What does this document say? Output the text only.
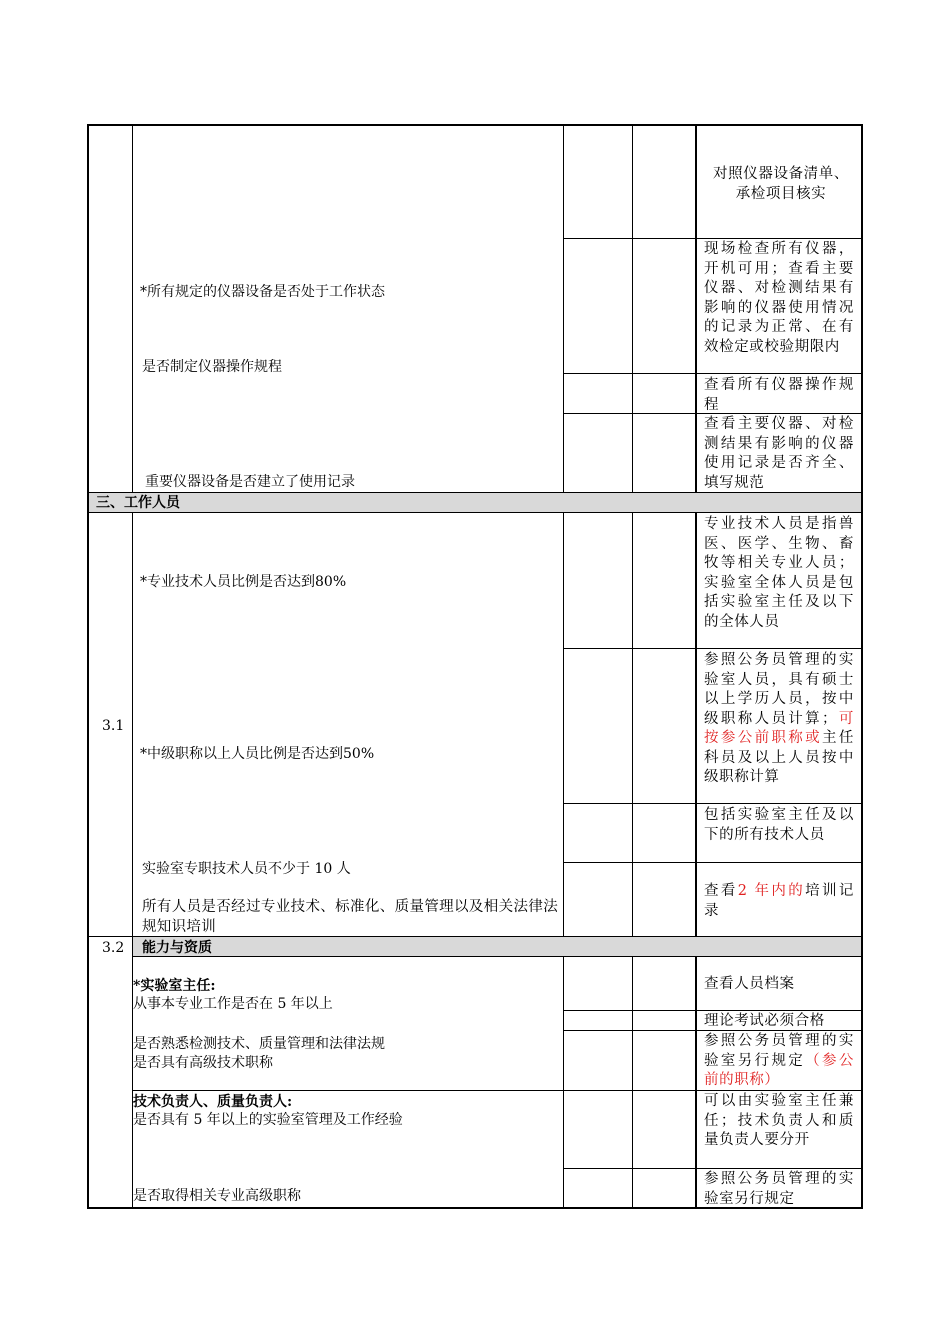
对照仪器设备清单、承检项目核实
*所有规定的仪器设备是否处于工作状态
现场检查所有仪器，开机可用；查看主要仪器、对检测结果有影响的仪器使用情况的记录为正常、在有效检定或校验期限内
是否制定仪器操作规程
查看所有仪器操作规程
重要仪器设备是否建立了使用记录
查看主要仪器、对检测结果有影响的仪器使用记录是否齐全、填写规范
三、工作人员
3.1
*专业技术人员比例是否达到80%
专业技术人员是指兽医、医学、生物、畜牧等相关专业人员；实验室全体人员是包括实验室主任及以下的全体人员
*中级职称以上人员比例是否达到50%
参照公务员管理的实验室人员，具有硕士以上学历人员，按中级职称人员计算；可按参公前职称或主任科员及以上人员按中级职称计算
实验室专职技术人员不少于 10 人
包括实验室主任及以下的所有技术人员
所有人员是否经过专业技术、标准化、质量管理以及相关法律法规知识培训
查看2 年内的培训记录
3.2 能力与资质
*实验室主任:
从事本专业工作是否在 5 年以上
查看人员档案
是否熟悉检测技术、质量管理和法律法规
理论考试必须合格
是否具有高级技术职称
参照公务员管理的实验室另行规定（参公前的职称）
技术负责人、质量负责人:
是否具有 5 年以上的实验室管理及工作经验
可以由实验室主任兼任；技术负责人和质量负责人要分开
是否取得相关专业高级职称
参照公务员管理的实验室另行规定
